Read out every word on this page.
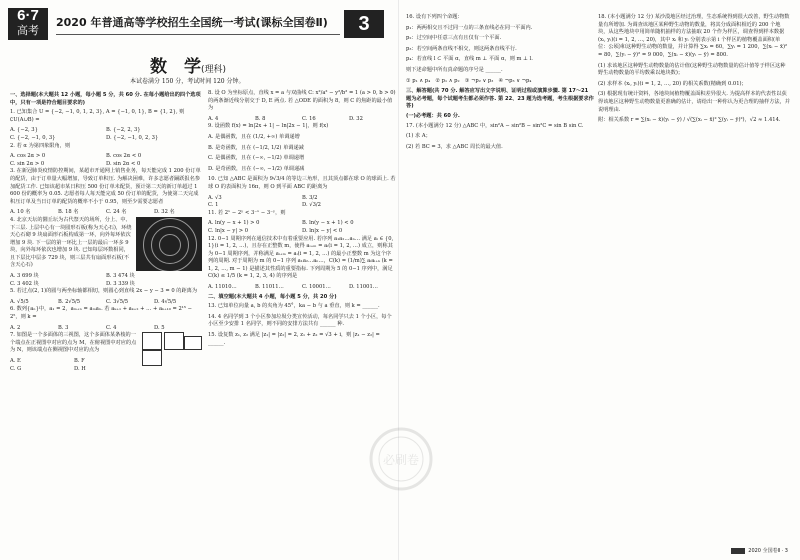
6·7
高考
2020 年普通高等学校招生全国统一考试(课标全国卷Ⅱ)	3
数　学(理科)
本试卷满分 150 分，考试时间 120 分钟。
一、选择题(本大题共 12 小题，每小题 5 分，共 60 分. 在每小题给出的四个选项中，只有一项是符合题目要求的)
1. 已知集合 U = {−2, −1, 0, 1, 2, 3}, A = {−1, 0, 1}, B = {1, 2}, 则 ∁U(A∪B) =
A. {−2, 3}	B. {−2, 2, 3}
C. {−2, −1, 0, 3}	D. {−2, −1, 0, 2, 3}
2. 若 α 为第四象限角，则
A. cos 2α > 0	B. cos 2α < 0
C. sin 2α > 0	D. sin 2α < 0
3. 在新冠肺炎疫情防控期间，某超市开通网上销售业务，每天能完成 1 200 份订单的配货，由于订单量大幅增加，导致订单积压. 为解决困难，许多志愿者踊跃报名参加配货工作. 已知该超市某日积压 500 份订单未配货，预计第二天的新订单超过 1 600 份的概率为 0.05. 志愿者每人每天能完成 50 份订单的配货，为使第二天完成积压订单及当日订单的配货的概率不小于 0.95，则至少需要志愿者
A. 10 名	B. 18 名	C. 24 名	D. 32 名
4. 北京天坛的圜丘坛为古代祭天的场所，分上、中、下三层. 上层中心有一块圆形石板(称为天心石)，环绕天心石砌 9 块扇面形石板构成第一环，向外每环依次增加 9 块. 下一层的第一环比上一层的最后一环多 9 块，向外每环依次也增加 9 块. 已知每层环数相同，且下层比中层多 729 块，则三层共有扇面形石板(不含天心石)
A. 3 699 块	B. 3 474 块
C. 3 402 块	D. 3 339 块
5. 若过点(2, 1)的圆与两坐标轴都相切，则圆心到直线 2x − y − 3 = 0 的距离为
A. √5/5	B. 2√5/5	C. 3√5/5	D. 4√5/5
6. 数列{aₙ}中，a₁ = 2，aₘ₊ₙ = aₘaₙ. 若 aₖ₊₁ + aₖ₊₂ + … + aₖ₊₁₀ = 2¹⁵ − 2⁵，则 k =
A. 2	B. 3	C. 4	D. 5
7. 如图是一个多面体的三视图，这个多面体某条棱的一个端点在正视图中对应的点为 M，在俯视图中对应的点为 N，则该端点在侧视图中对应的点为
A. E	B. F
C. G	D. H
8. 设 O 为坐标原点，直线 x = a 与双曲线 C: x²/a² − y²/b² = 1 (a > 0, b > 0) 的两条渐近线分别交于 D, E 两点. 若 △ODE 的面积为 8，则 C 的焦距的最小值为
A. 4	B. 8	C. 16	D. 32
9. 设函数 f(x) = ln|2x + 1| − ln|2x − 1|，则 f(x)
A. 是偶函数，且在 (1/2, +∞) 单调递增
B. 是奇函数，且在 (−1/2, 1/2) 单调递减
C. 是偶函数，且在 (−∞, −1/2) 单调递增
D. 是奇函数，且在 (−∞, −1/2) 单调递减
10. 已知 △ABC 是面积为 9√3/4 的等边三角形，且其顶点都在球 O 的球面上. 若球 O 的表面积为 16π，则 O 到平面 ABC 的距离为
A. √3	B. 3/2
C. 1	D. √3/2
11. 若 2ˣ − 2ʸ < 3⁻ˣ − 3⁻ʸ，则
A. ln(y − x + 1) > 0	B. ln(y − x + 1) < 0
C. ln|x − y| > 0	D. ln|x − y| < 0
12. 0−1 周期序列在通信技术中有着重要应用. 若序列 a₁a₂…aₙ… 满足 aᵢ ∈ {0, 1}(i = 1, 2, …)，且存在正整数 m，使得 aᵢ₊ₘ = aᵢ(i = 1, 2, …) 成立，则称其为 0−1 周期序列，并称满足 aᵢ₊ₘ = aᵢ(i = 1, 2, …) 的最小正整数 m 为这个序列的周期. 对于周期为 m 的 0−1 序列 a₁a₂…aₙ…，C(k) = (1/m)∑ aᵢaᵢ₊ₖ (k = 1, 2, …, m − 1) 是描述其性质的重要指标. 下列周期为 5 的 0−1 序列中，满足 C(k) ≤ 1/5 (k = 1, 2, 3, 4) 的序列是
A. 11010…	B. 11011…	C. 10001…	D. 11001…
二、填空题(本大题共 4 小题，每小题 5 分，共 20 分)
13. 已知单位向量 a, b 的夹角为 45°，ka − b 与 a 垂直，则 k = ______.
14. 4 名同学到 3 个小区参加垃圾分类宣传活动，每名同学只去 1 个小区，每个小区至少安排 1 名同学，则不同的安排方法共有 ______ 种.
15. 设复数 z₁, z₂ 满足 |z₁| = |z₂| = 2, z₁ + z₂ = √3 + i，则 |z₁ − z₂| = ______.
16. 设有下列四个命题：
p₁：两两相交且不过同一点的三条直线必在同一平面内.
p₂：过空间中任意三点有且仅有一个平面.
p₃：若空间两条直线不相交，则这两条直线平行.
p₄：若直线 l ⊂ 平面 α，直线 m ⊥ 平面 α，则 m ⊥ l.
则下述命题中所有真命题的序号是 ______.
① p₁ ∧ p₄　② p₁ ∧ p₂　③ ¬p₂ ∨ p₃　④ ¬p₃ ∨ ¬p₄
三、解答题(共 70 分. 解答应写出文字说明、证明过程或演算步骤. 第 17～21 题为必考题，每个试题考生都必须作答. 第 22、23 题为选考题，考生根据要求作答)
(一)必考题：共 60 分.
17. (本小题满分 12 分) △ABC 中，sin²A − sin²B − sin²C = sin B sin C.
(1) 求 A；
(2) 若 BC = 3，求 △ABC 周长的最大值.
18. (本小题满分 12 分) 某沙漠地区经过治理，生态系统得到很大改善，野生动物数量有所增加. 为调查该地区某种野生动物的数量，将其分成面积相近的 200 个地块，从这些地块中用简单随机抽样的方法抽取 20 个作为样区，调查得到样本数据 (xᵢ, yᵢ)(i = 1, 2, …, 20)，其中 xᵢ 和 yᵢ 分别表示第 i 个样区的植物覆盖面积(单位：公顷)和这种野生动物的数量，并计算得 ∑xᵢ = 60，∑yᵢ = 1 200，∑(xᵢ − x̄)² = 80，∑(yᵢ − ȳ)² = 9 000，∑(xᵢ − x̄)(yᵢ − ȳ) = 800.
(1) 求该地区这种野生动物数量的估计值(这种野生动物数量的估计值等于样区这种野生动物数量的平均数乘以地块数)；
(2) 求样本 (xᵢ, yᵢ)(i = 1, 2, …, 20) 的相关系数(精确到 0.01)；
(3) 根据现有统计资料，各地块间植物覆盖面积差异很大. 为提高样本的代表性以获得该地区这种野生动物数量更准确的估计，请给出一种你认为更合理的抽样方法，并说明理由.
附：相关系数 r = ∑(xᵢ − x̄)(yᵢ − ȳ) / √(∑(xᵢ − x̄)² ∑(yᵢ − ȳ)²)，√2 ≈ 1.414.
必刷卷
2020 全国卷Ⅱ · 3
